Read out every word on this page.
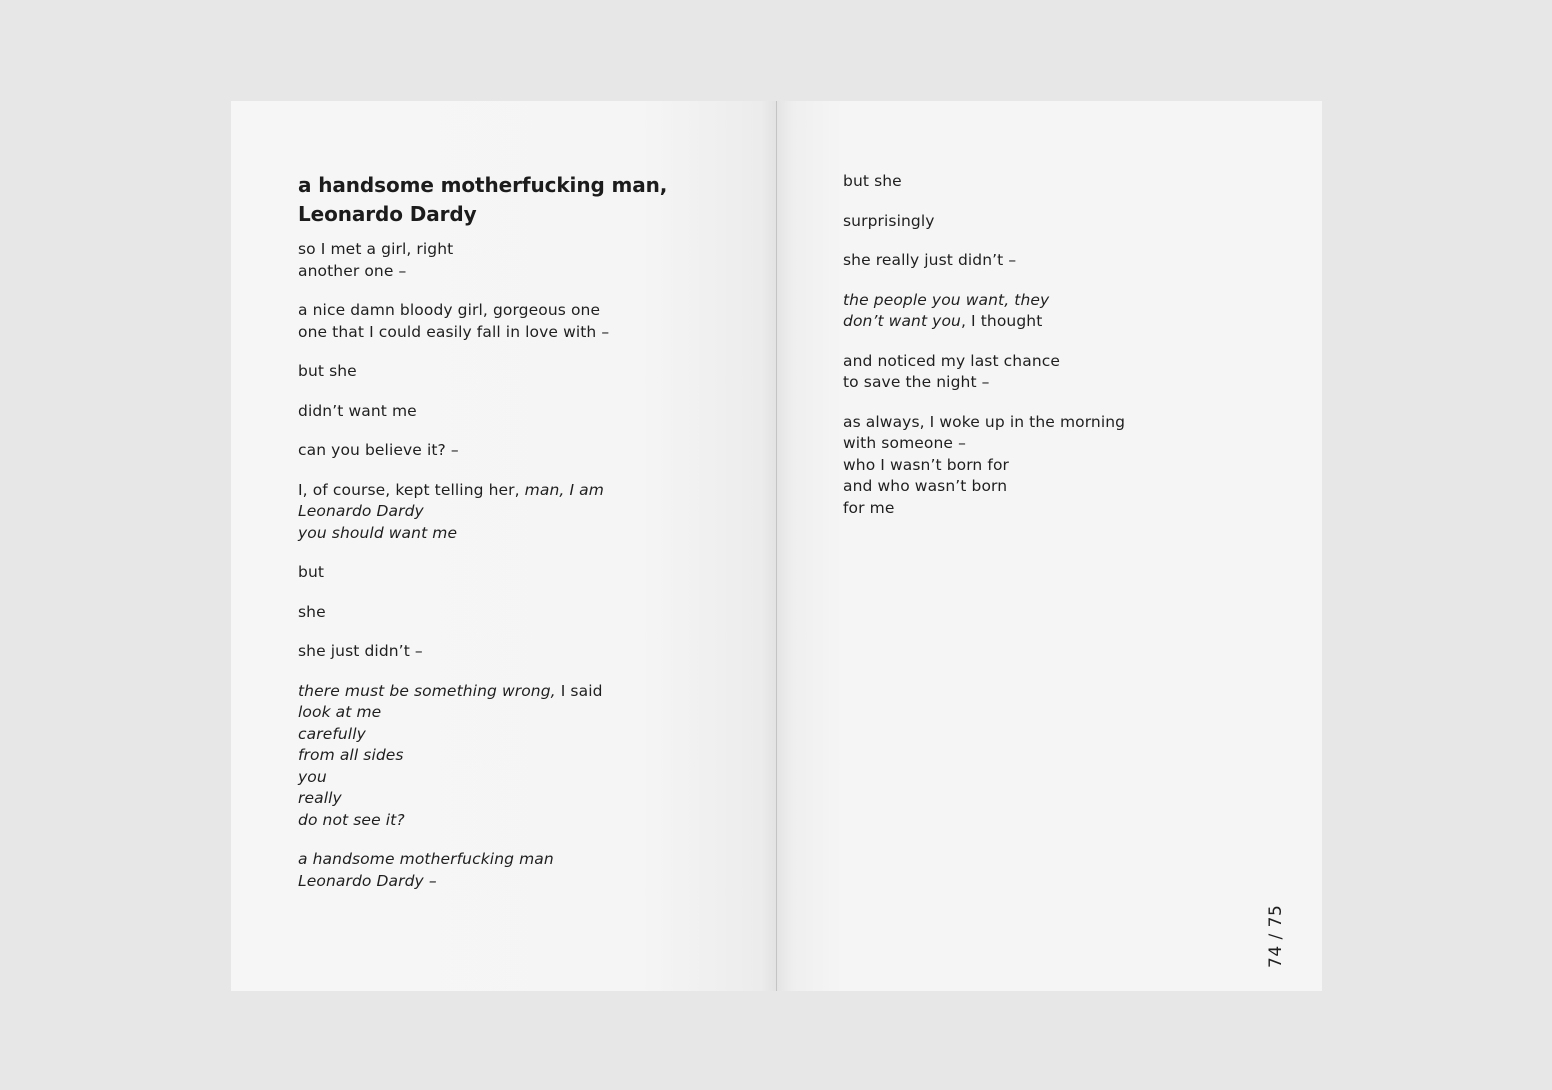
a handsome motherfucking man,
Leonardo Dardy
so I met a girl, right
another one –
a nice damn bloody girl, gorgeous one
one that I could easily fall in love with –
but she
didn’t want me
can you believe it? –
I, of course, kept telling her, man, I am
Leonardo Dardy
you should want me
but
she
she just didn’t –
there must be something wrong, I said
look at me
carefully
from all sides
you
really
do not see it?
a handsome motherfucking man
Leonardo Dardy –
but she
surprisingly
she really just didn’t –
the people you want, they
don’t want you, I thought
and noticed my last chance
to save the night –
as always, I woke up in the morning
with someone –
who I wasn’t born for
and who wasn’t born
for me
74 / 75
